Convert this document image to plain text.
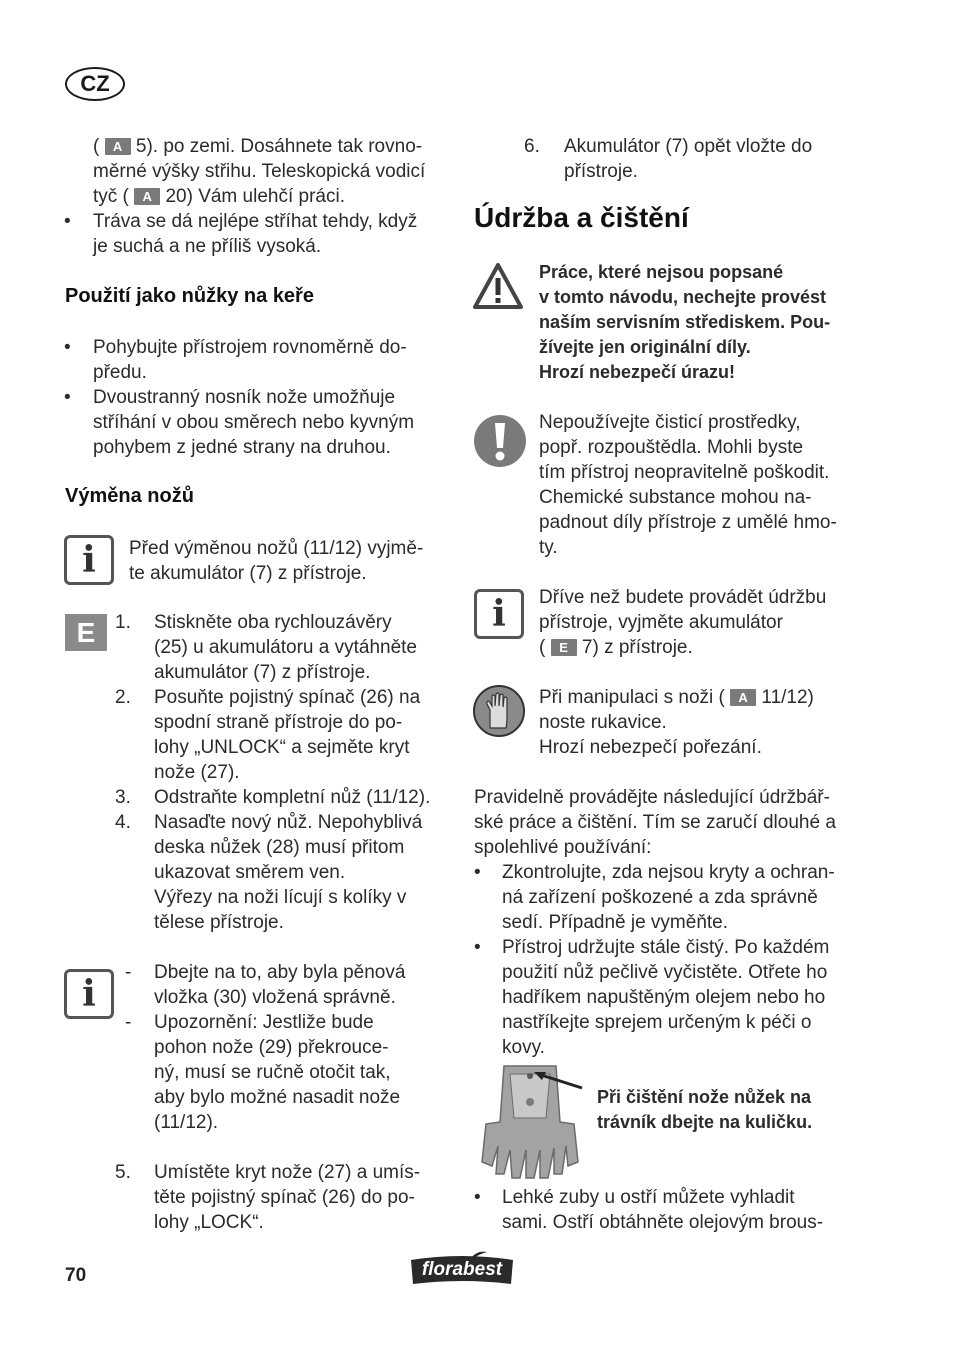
CZ
( A 5). po zemi. Dosáhnete tak rovno-
měrné výšky střihu. Teleskopická vodicí
tyč ( A 20) Vám ulehčí práci.
• Tráva se dá nejlépe stříhat tehdy, když
je suchá a ne příliš vysoká.
Použití jako nůžky na keře
• Pohybujte přístrojem rovnoměrně do-
předu.
• Dvoustranný nosník nože umožňuje
stříhání v obou směrech nebo kyvným
pohybem z jedné strany na druhou.
Výměna nožů
i	Před výměnou nožů (11/12) vyjmě-
te akumulátor (7) z přístroje.
E	1. Stiskněte oba rychlouzávěry
(25) u akumulátoru a vytáhněte
akumulátor (7) z přístroje.
2. Posuňte pojistný spínač (26) na
spodní straně přístroje do po-
lohy „UNLOCK“ a sejměte kryt
nože (27).
3. Odstraňte kompletní nůž (11/12).
4. Nasaďte nový nůž. Nepohyblivá
deska nůžek (28) musí přitom
ukazovat směrem ven.
Výřezy na noži lícují s kolíky v
tělese přístroje.
i
- Dbejte na to, aby byla pěnová
vložka (30) vložená správně.
- Upozornění: Jestliže bude
pohon nože (29) překrouce-
ný, musí se ručně otočit tak,
aby bylo možné nasadit nože
(11/12).
5. Umístěte kryt nože (27) a umís-
těte pojistný spínač (26) do po-
lohy „LOCK“.
6. Akumulátor (7) opět vložte do
přístroje.
Údržba a čištění
Práce, které nejsou popsané
v tomto návodu, nechejte provést
naším servisním střediskem. Pou-
žívejte jen originální díly.
Hrozí nebezpečí úrazu!
Nepoužívejte čisticí prostředky,
popř. rozpouštědla. Mohli byste
tím přístroj neopravitelně poškodit.
Chemické substance mohou na-
padnout díly přístroje z umělé hmo-
ty.
i	Dříve než budete provádět údržbu
přístroje, vyjměte akumulátor
( E 7) z přístroje.
Při manipulaci s noži ( A 11/12)
noste rukavice.
Hrozí nebezpečí pořezání.
Pravidelně provádějte následující údržbář-
ské práce a čištění. Tím se zaručí dlouhé a
spolehlivé používání:
• Zkontrolujte, zda nejsou kryty a ochran-
ná zařízení poškozené a zda správně
sedí. Případně je vyměňte.
• Přístroj udržujte stále čistý. Po každém
použití nůž pečlivě vyčistěte. Otřete ho
hadříkem napuštěným olejem nebo ho
nastříkejte sprejem určeným k péči o
kovy.
Při čištění nože nůžek na
trávník dbejte na kuličku.
• Lehké zuby u ostří můžete vyhladit
sami. Ostří obtáhněte olejovým brous-
70	florabest
